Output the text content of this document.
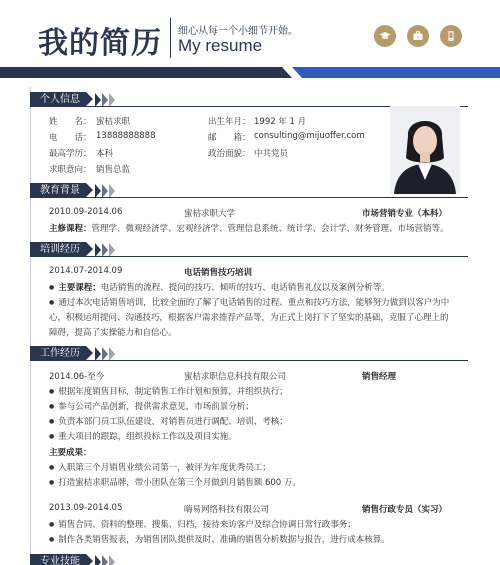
我的简历 细心从每一个小细节开始。
My resume
个人信息
姓　　名： 蜜桔求职	出生年月： 1992 年 1 月
电　　话： 13888888888	邮　　箱： consulting@mijuoffer.com
最高学历： 本科	政治面貌： 中共党员
求职意向： 销售总监
教育背景
2010.09-2014.06	蜜桔求职大学	市场营销专业（本科）
主修课程：管理学、微观经济学、宏观经济学、管理信息系统、统计学、会计学、财务管理、市场营销等。
培训经历
2014.07-2014.09	电话销售技巧培训
● 主要课程：电话销售的流程、提问的技巧、倾听的技巧、电话销售礼仪以及案例分析等。
● 通过本次电话销售培训，比较全面的了解了电话销售的过程、重点和技巧方法，能够努力做到以客户为中
心，积极运用提问、沟通技巧，根据客户需求推荐产品等，为正式上岗打下了坚实的基础，克服了心理上的
障碍，提高了实操能力和自信心。
工作经历
2014.06-至今	蜜桔求职信息科技有限公司	销售经理
● 根据年度销售目标，制定销售工作计划和预算，并组织执行；
● 参与公司产品创新，提供需求意见，市场前景分析；
● 负责本部门员工队伍建设，对销售员进行调配、培训、考核；
● 重大项目的跟踪，组织投标工作以及项目实施。
主要成果：
● 入职第三个月销售业绩公司第一，被评为年度优秀员工；
● 打造蜜桔求职品牌，带小团队在第三个月做到月销售额 600 万。
2013.09-2014.05	嗨易网络科技有限公司	销售行政专员（实习）
● 销售合同、资料的整理、搜集、归档，接待来访客户及综合协调日常行政事务；
● 制作各类销售报表，为销售团队提供及时、准确的销售分析数据与报告，进行成本核算。
专业技能
